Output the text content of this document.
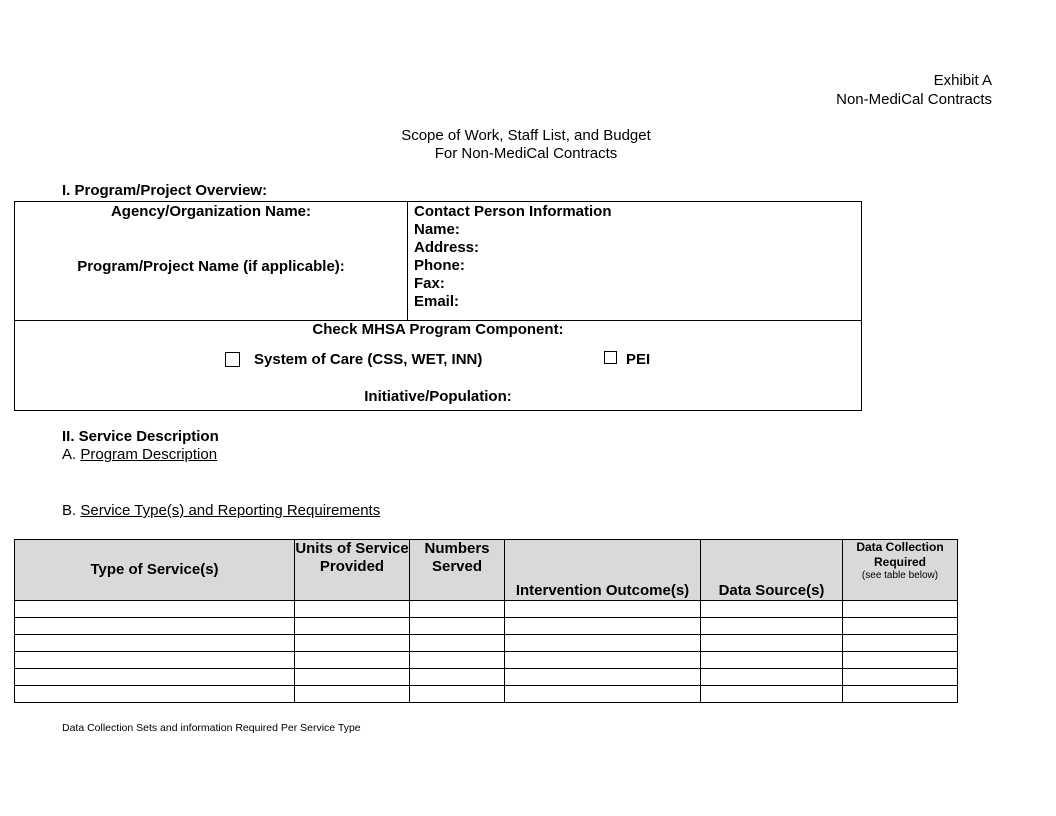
Exhibit A
Non-MediCal Contracts
Scope of Work, Staff List, and Budget
For Non-MediCal Contracts
I. Program/Project Overview:
Agency/Organization Name:
Program/Project Name (if applicable):
Contact Person Information
Name:
Address:
Phone:
Fax:
Email:
Check MHSA Program Component:
System of Care (CSS, WET, INN)	PEI
Initiative/Population:
II. Service Description
A. Program Description
B. Service Type(s) and Reporting Requirements
Type of Service(s)	Units of Service Provided	Numbers Served	Intervention Outcome(s)	Data Source(s)	Data Collection Required
(see table below)

Data Collection Sets and information Required Per Service Type
